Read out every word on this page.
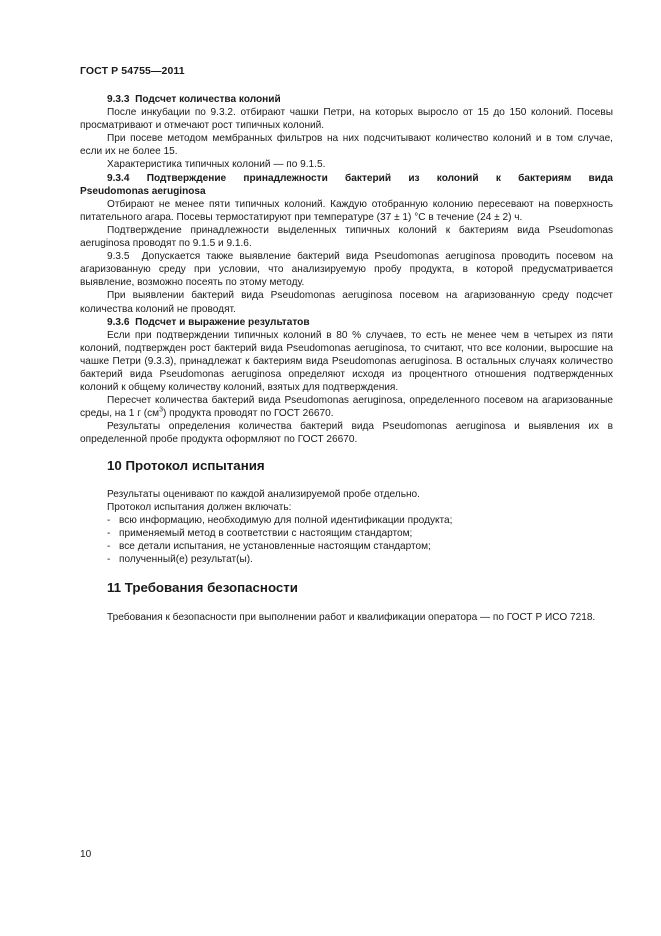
ГОСТ Р 54755—2011

9.3.3 Подсчет количества колоний

После инкубации по 9.3.2. отбирают чашки Петри, на которых выросло от 15 до 150 колоний. Посевы просматривают и отмечают рост типичных колоний.

При посеве методом мембранных фильтров на них подсчитывают количество колоний и в том случае, если их не более 15.

Характеристика типичных колоний — по 9.1.5.

9.3.4 Подтверждение принадлежности бактерий из колоний к бактериям вида

Pseudomonas aeruginosa

Отбирают не менее пяти типичных колоний. Каждую отобранную колонию пересевают на поверхность питательного агара. Посевы термостатируют при температуре (37 ± 1) °С в течение (24 ± 2) ч.

Подтверждение принадлежности выделенных типичных колоний к бактериям вида Pseudomonas aeruginosa проводят по 9.1.5 и 9.1.6.

9.3.5 Допускается также выявление бактерий вида Pseudomonas aeruginosa проводить посевом на агаризованную среду при условии, что анализируемую пробу продукта, в которой предусматривается выявление, возможно посеять по этому методу.

При выявлении бактерий вида Pseudomonas aeruginosa посевом на агаризованную среду подсчет количества колоний не проводят.

9.3.6 Подсчет и выражение результатов

Если при подтверждении типичных колоний в 80 % случаев, то есть не менее чем в четырех из пяти колоний, подтвержден рост бактерий вида Pseudomonas aeruginosa, то считают, что все колонии, выросшие на чашке Петри (9.3.3), принадлежат к бактериям вида Pseudomonas aeruginosa. В остальных случаях количество бактерий вида Pseudomonas aeruginosa определяют исходя из процентного отношения подтвержденных колоний к общему количеству колоний, взятых для подтверждения.

Пересчет количества бактерий вида Pseudomonas aeruginosa, определенного посевом на агаризованные среды, на 1 г $(см^3)$ продукта проводят по ГОСТ 26670.

Результаты определения количества бактерий вида Pseudomonas aeruginosa и выявления их в определенной пробе продукта оформляют по ГОСТ 26670.

10 Протокол испытания

Результаты оценивают по каждой анализируемой пробе отдельно.

Протокол испытания должен включать:

- всю информацию, необходимую для полной идентификации продукта;

- применяемый метод в соответствии с настоящим стандартом;

- все детали испытания, не установленные настоящим стандартом;

- полученный(е) результат(ы).

11 Требования безопасности

Требования к безопасности при выполнении работ и квалификации оператора — по ГОСТ Р ИСО 7218.

10
